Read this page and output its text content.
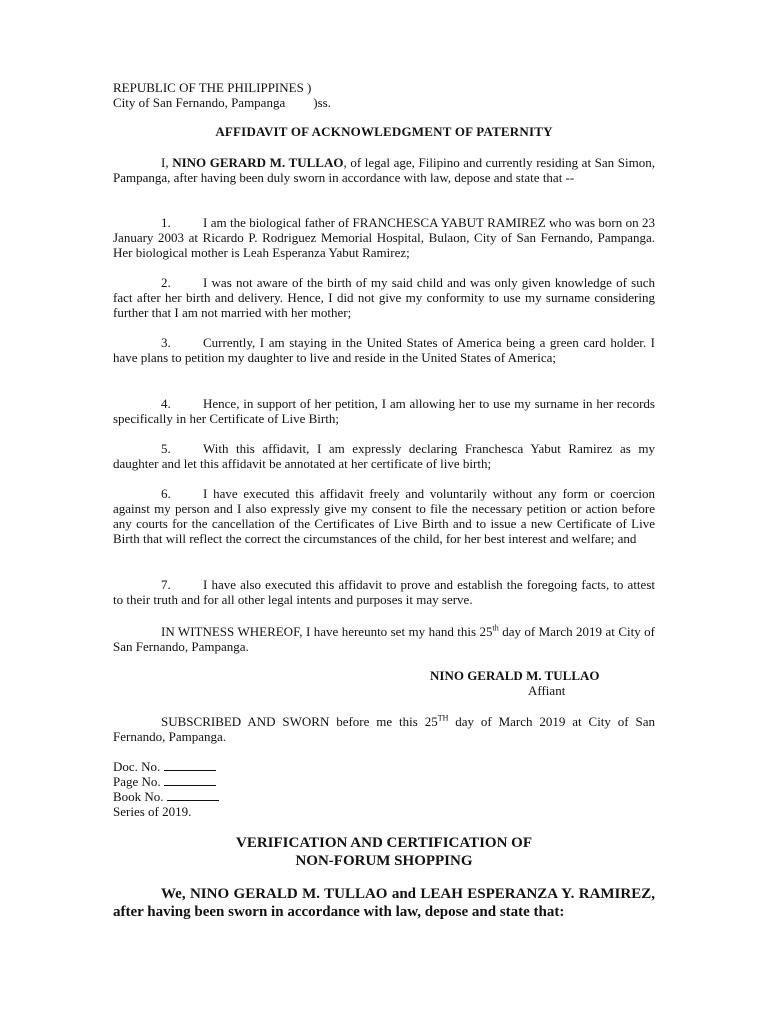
REPUBLIC OF THE PHILIPPINES )
City of San Fernando, Pampanga )ss.
AFFIDAVIT OF ACKNOWLEDGMENT OF PATERNITY
I, NINO GERARD M. TULLAO, of legal age, Filipino and currently residing at San Simon, Pampanga, after having been duly sworn in accordance with law, depose and state that --
1. I am the biological father of FRANCHESCA YABUT RAMIREZ who was born on 23 January 2003 at Ricardo P. Rodriguez Memorial Hospital, Bulaon, City of San Fernando, Pampanga. Her biological mother is Leah Esperanza Yabut Ramirez;
2. I was not aware of the birth of my said child and was only given knowledge of such fact after her birth and delivery. Hence, I did not give my conformity to use my surname considering further that I am not married with her mother;
3. Currently, I am staying in the United States of America being a green card holder. I have plans to petition my daughter to live and reside in the United States of America;
4. Hence, in support of her petition, I am allowing her to use my surname in her records specifically in her Certificate of Live Birth;
5. With this affidavit, I am expressly declaring Franchesca Yabut Ramirez as my daughter and let this affidavit be annotated at her certificate of live birth;
6. I have executed this affidavit freely and voluntarily without any form or coercion against my person and I also expressly give my consent to file the necessary petition or action before any courts for the cancellation of the Certificates of Live Birth and to issue a new Certificate of Live Birth that will reflect the correct the circumstances of the child, for her best interest and welfare; and
7. I have also executed this affidavit to prove and establish the foregoing facts, to attest to their truth and for all other legal intents and purposes it may serve.
IN WITNESS WHEREOF, I have hereunto set my hand this 25th day of March 2019 at City of San Fernando, Pampanga.
NINO GERALD M. TULLAO
Affiant
SUBSCRIBED AND SWORN before me this 25TH day of March 2019 at City of San Fernando, Pampanga.
Doc. No.
Page No.
Book No.
Series of 2019.
VERIFICATION AND CERTIFICATION OF
NON-FORUM SHOPPING
We, NINO GERALD M. TULLAO and LEAH ESPERANZA Y. RAMIREZ, after having been sworn in accordance with law, depose and state that:
